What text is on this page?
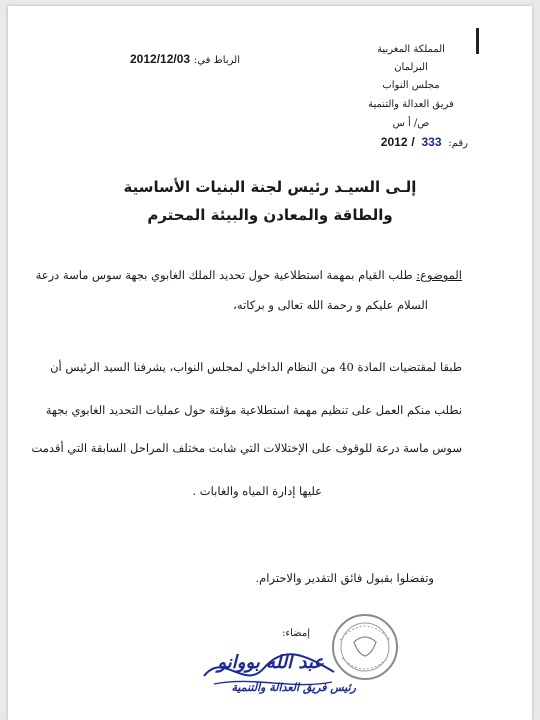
الرباط في: 2012/12/03
المملكة المغربية
البرلمان
مجلس النواب
فريق العدالة والتنمية
ص/ أ س
رقم: 333 / 2012
إلـى السيـد رئيس لجنة البنيات الأساسية
والطاقة والمعادن والبيئة المحترم
الموضوع: طلب القيام بمهمة استطلاعية حول تحديد الملك الغابوي بجهة سوس ماسة درعة
السلام عليكم و رحمة الله تعالى و بركاته،
طبقا لمقتضيات المادة 40 من النظام الداخلي لمجلس النواب، يشرفنا السيد الرئيس أن
نطلب منكم العمل على تنظيم مهمة استطلاعية مؤقتة حول عمليات التحديد الغابوي بجهة
سوس ماسة درعة للوقوف على الإختلالات التي شابت مختلف المراحل السابقة التي أقدمت
عليها إدارة المياه والغابات .
وتفضلوا بقبول فائق التقدير والاحترام.
إمضاء:
عبد الله بووانو
رئيس فريق العدالة والتنمية
